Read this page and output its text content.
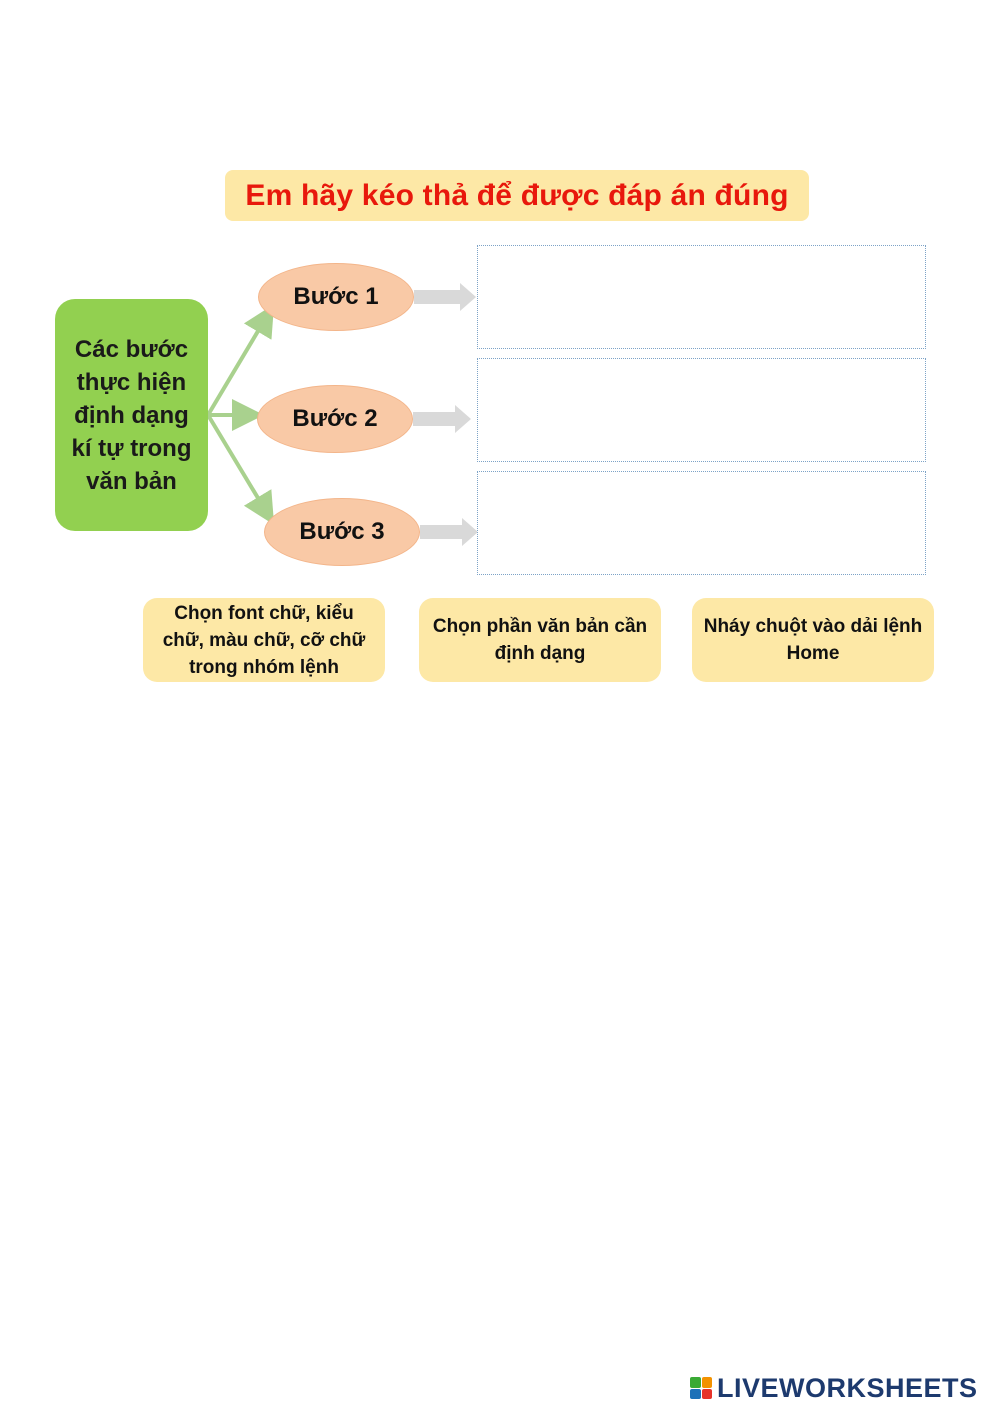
Em hãy kéo thả để được đáp án đúng
Các bước thực hiện định dạng kí tự trong văn bản
Bước 1
Bước 2
Bước 3
Chọn font chữ, kiểu chữ, màu chữ, cỡ chữ trong nhóm lệnh
Chọn phần văn bản cần định dạng
Nháy chuột vào dải lệnh Home
LIVEWORKSHEETS
